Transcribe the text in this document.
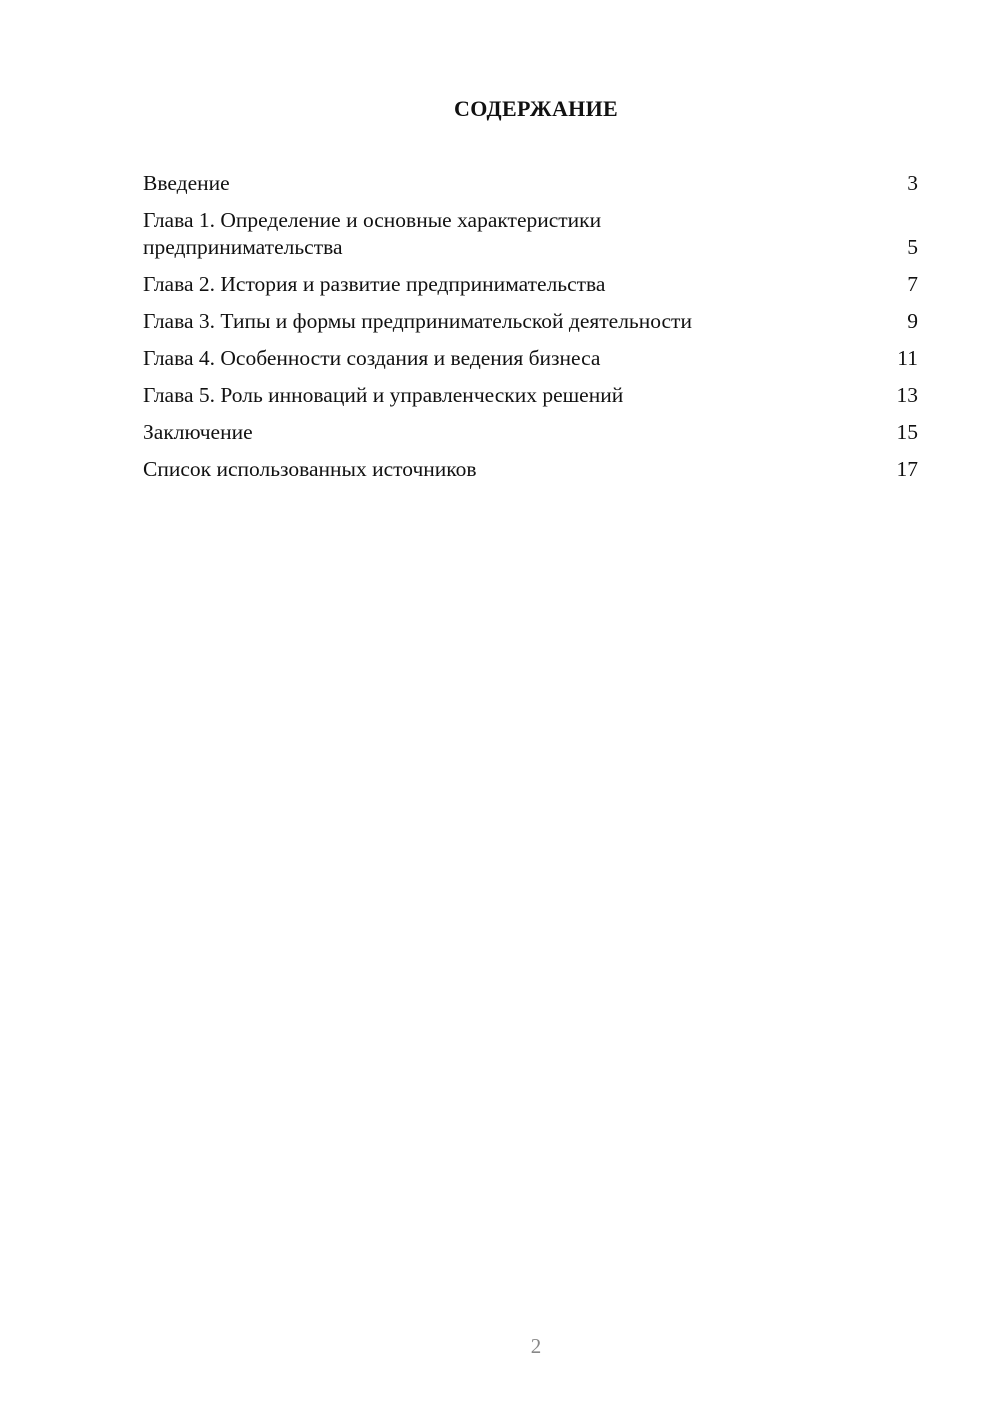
СОДЕРЖАНИЕ
Введение	3
Глава 1. Определение и основные характеристики предпринимательства	5
Глава 2. История и развитие предпринимательства	7
Глава 3. Типы и формы предпринимательской деятельности	9
Глава 4. Особенности создания и ведения бизнеса	11
Глава 5. Роль инноваций и управленческих решений	13
Заключение	15
Список использованных источников	17
2
